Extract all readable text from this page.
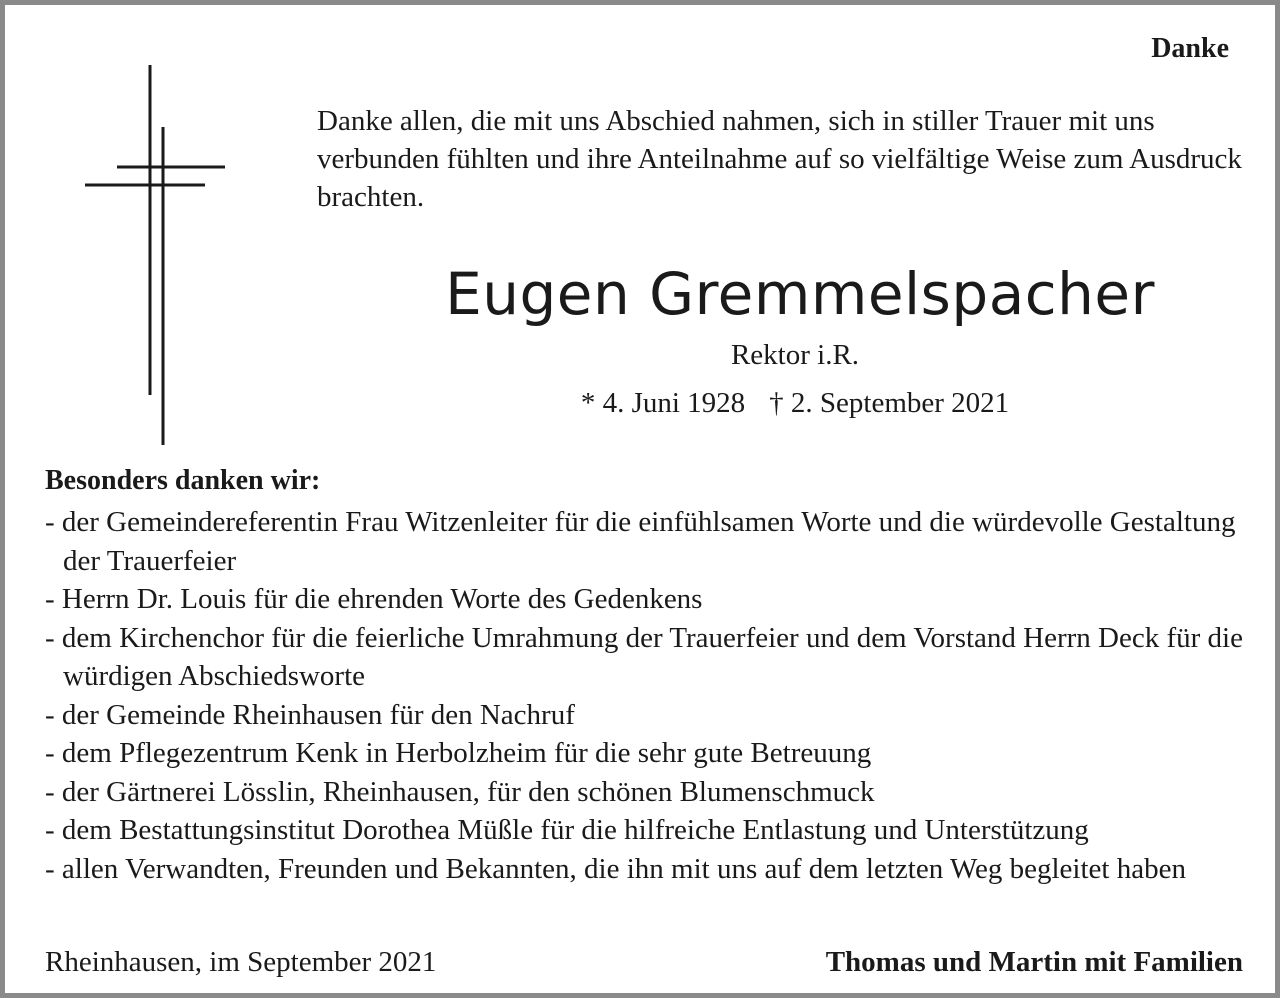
Danke

Danke allen, die mit uns Abschied nahmen, sich in stiller Trauer mit uns verbunden fühlten und ihre Anteilnahme auf so vielfältige Weise zum Ausdruck brachten.

Eugen Gremmelspacher
Rektor i.R.
* 4. Juni 1928 † 2. September 2021
Besonders danken wir:
- der Gemeindereferentin Frau Witzenleiter für die einfühlsamen Worte und die würdevolle Gestaltung der Trauerfeier
- Herrn Dr. Louis für die ehrenden Worte des Gedenkens
- dem Kirchenchor für die feierliche Umrahmung der Trauerfeier und dem Vorstand Herrn Deck für die würdigen Abschiedsworte
- der Gemeinde Rheinhausen für den Nachruf
- dem Pflegezentrum Kenk in Herbolzheim für die sehr gute Betreuung
- der Gärtnerei Lösslin, Rheinhausen, für den schönen Blumenschmuck
- dem Bestattungsinstitut Dorothea Müßle für die hilfreiche Entlastung und Unterstützung
- allen Verwandten, Freunden und Bekannten, die ihn mit uns auf dem letzten Weg begleitet haben
Rheinhausen, im September 2021	Thomas und Martin mit Familien
